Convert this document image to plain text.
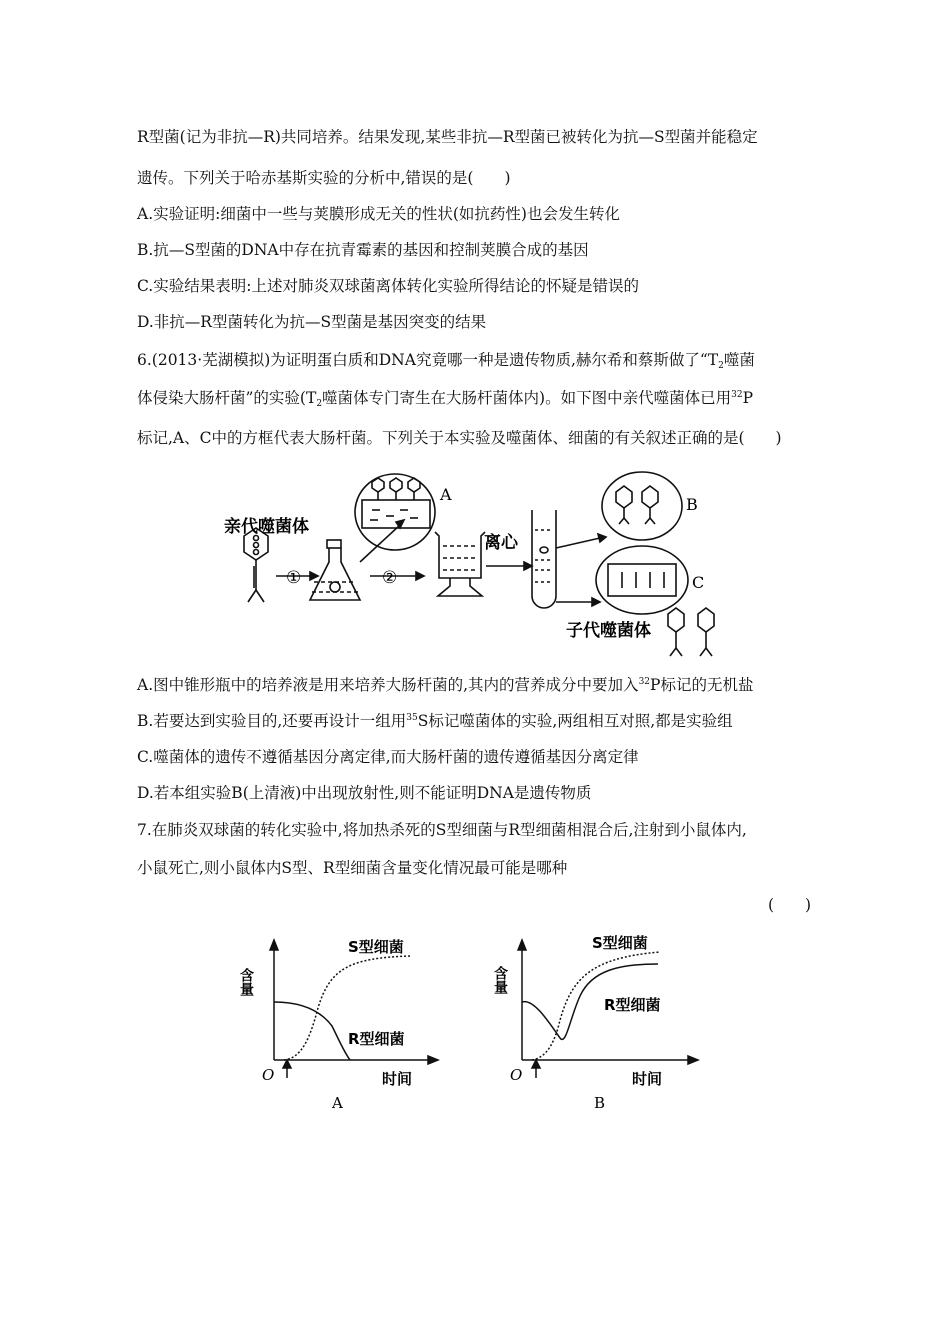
R型菌(记为非抗—R)共同培养。结果发现,某些非抗—R型菌已被转化为抗—S型菌并能稳定
遗传。下列关于哈赤基斯实验的分析中,错误的是(　　)
A.实验证明:细菌中一些与荚膜形成无关的性状(如抗药性)也会发生转化
B.抗—S型菌的DNA中存在抗青霉素的基因和控制荚膜合成的基因
C.实验结果表明:上述对肺炎双球菌离体转化实验所得结论的怀疑是错误的
D.非抗—R型菌转化为抗—S型菌是基因突变的结果
6.(2013·芜湖模拟)为证明蛋白质和DNA究竟哪一种是遗传物质,赫尔希和蔡斯做了“$T_2$噬菌
体侵染大肠杆菌”的实验($T_2$噬菌体专门寄生在大肠杆菌体内)。如下图中亲代噬菌体已用$^{32}$P
标记,A、C中的方框代表大肠杆菌。下列关于本实验及噬菌体、细菌的有关叙述正确的是(　　)
亲代噬菌体
①	②
A
离心
B
C
子代噬菌体
A.图中锥形瓶中的培养液是用来培养大肠杆菌的,其内的营养成分中要加入$^{32}$P标记的无机盐
B.若要达到实验目的,还要再设计一组用$^{35}$S标记噬菌体的实验,两组相互对照,都是实验组
C.噬菌体的遗传不遵循基因分离定律,而大肠杆菌的遗传遵循基因分离定律
D.若本组实验B(上清液)中出现放射性,则不能证明DNA是遗传物质
7.在肺炎双球菌的转化实验中,将加热杀死的S型细菌与R型细菌相混合后,注射到小鼠体内,
小鼠死亡,则小鼠体内S型、R型细菌含量变化情况最可能是哪种
(　　)
含量
S型细菌
R型细菌
O	时间
A
含量
S型细菌
R型细菌
O	时间
B
